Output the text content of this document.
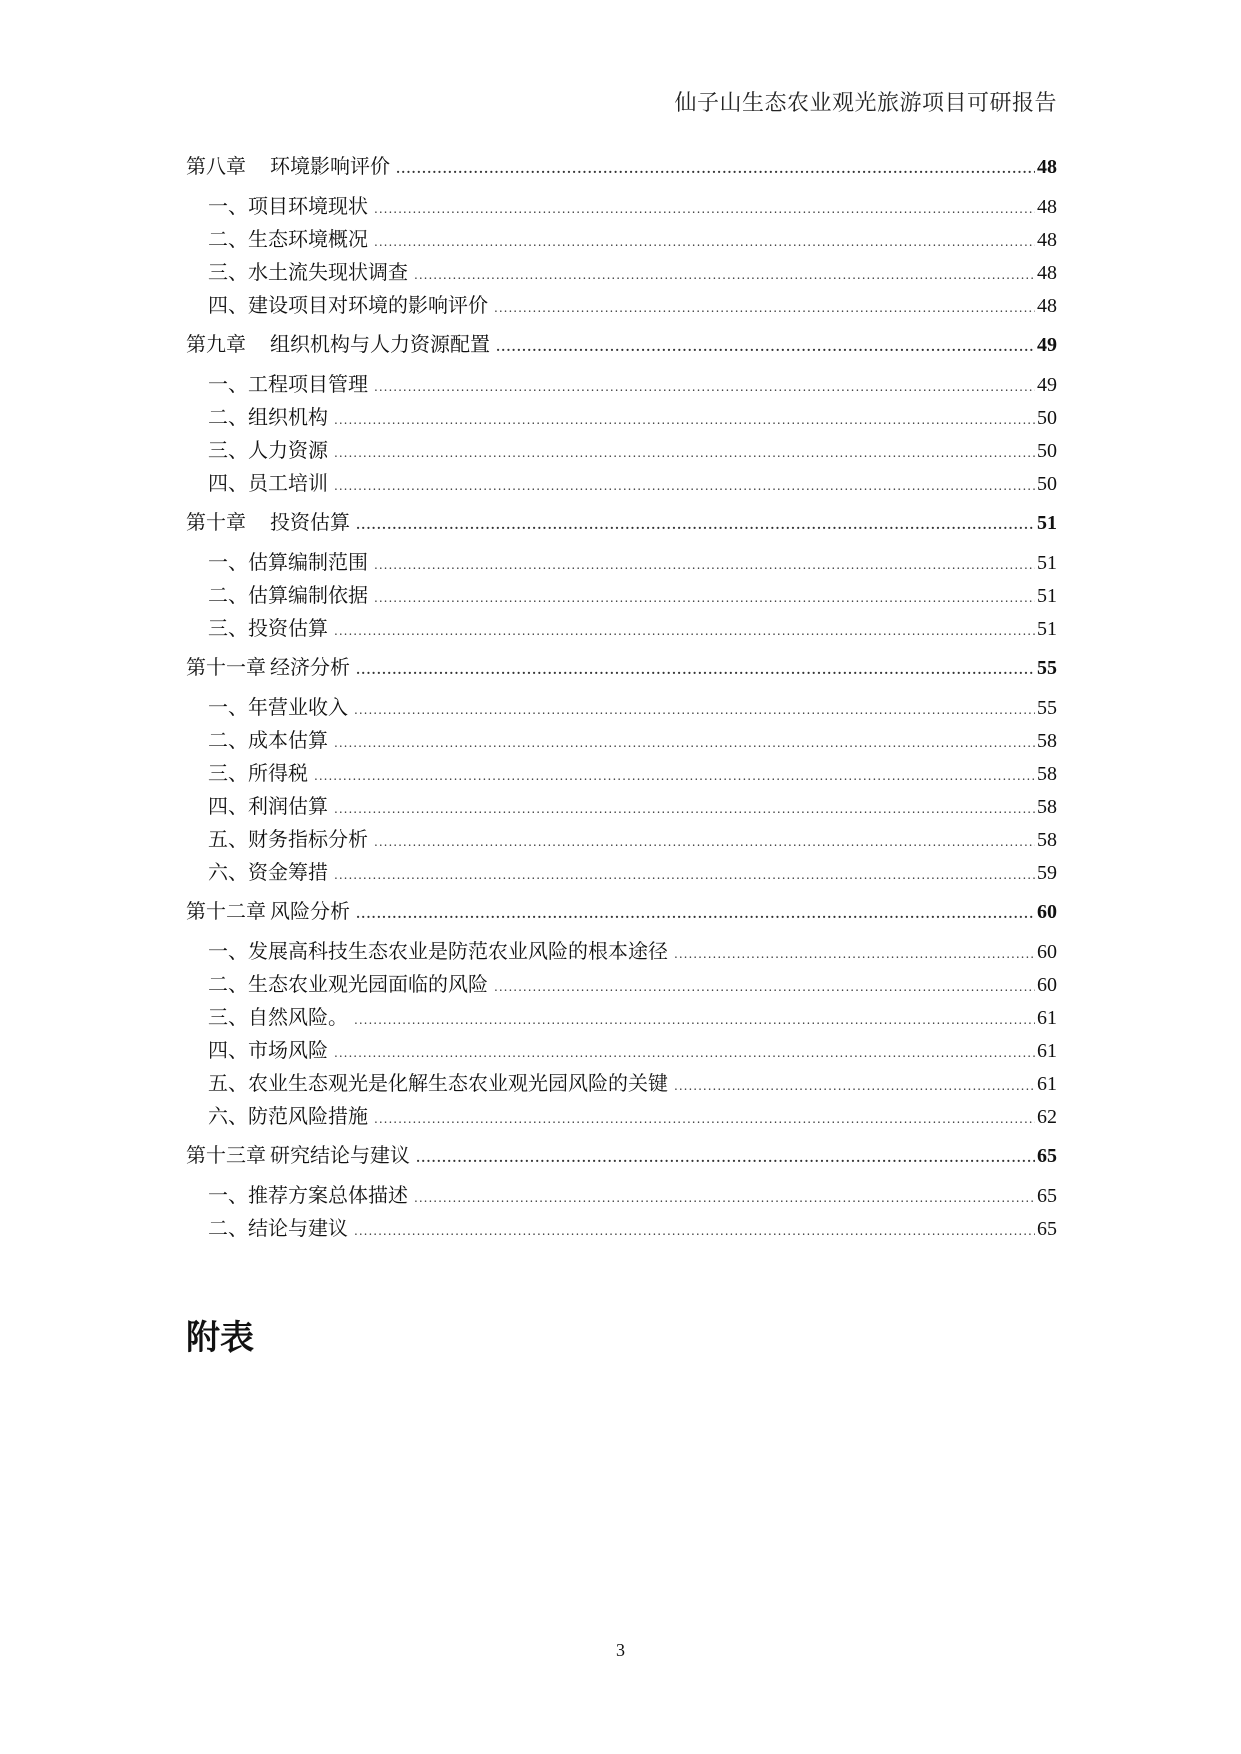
仙子山生态农业观光旅游项目可研报告
第八章 环境影响评价 .....	48
一、项目环境现状 .....	48
二、生态环境概况 .....	48
三、水土流失现状调查 .....	48
四、建设项目对环境的影响评价 .....	48
第九章 组织机构与人力资源配置 .....	49
一、工程项目管理 .....	49
二、组织机构 .....	50
三、人力资源 .....	50
四、员工培训 .....	50
第十章 投资估算 .....	51
一、估算编制范围 .....	51
二、估算编制依据 .....	51
三、投资估算 .....	51
第十一章 经济分析 .....	55
一、年营业收入 .....	55
二、成本估算 .....	58
三、所得税 .....	58
四、利润估算 .....	58
五、财务指标分析 .....	58
六、资金筹措 .....	59
第十二章 风险分析 .....	60
一、发展高科技生态农业是防范农业风险的根本途径 .....	60
二、生态农业观光园面临的风险 .....	60
三、自然风险。 .....	61
四、市场风险 .....	61
五、农业生态观光是化解生态农业观光园风险的关键 .....	61
六、防范风险措施 .....	62
第十三章 研究结论与建议 .....	65
一、推荐方案总体描述 .....	65
二、结论与建议 .....	65
附表
3
